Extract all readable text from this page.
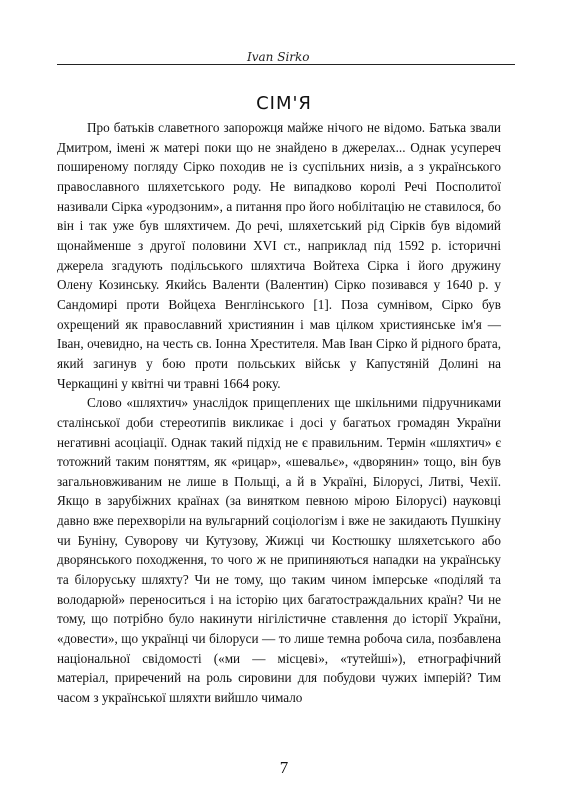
Ivan Sirko
СІМ'Я

Про батьків славетного запорожця майже нічого не відомо. Батька звали Дмитром, імені ж матері поки що не знайдено в джерелах... Однак усупереч поширеному погляду Сірко походив не із суспільних низів, а з українського православного шляхетського роду. Не випадково королі Речі Посполитої називали Сірка «уродзоним», а питання про його нобілітацію не ставилося, бо він і так уже був шляхтичем. До речі, шляхетський рід Сірків був відомий щонайменше з другої половини XVI ст., наприклад під 1592 р. історичні джерела згадують подільського шляхтича Войтеха Сірка і його дружину Олену Козинську. Якийсь Валенти (Валентин) Сірко позивався у 1640 р. у Сандомирі проти Войцеха Венглінського [1]. Поза сумнівом, Сірко був охрещений як православний християнин і мав цілком християнське ім'я — Іван, очевидно, на честь св. Іонна Хрестителя. Мав Іван Сірко й рідного брата, який загинув у бою проти польських військ у Капустяній Долині на Черкащині у квітні чи травні 1664 року.

Слово «шляхтич» унаслідок прищеплених ще шкільними підручниками сталінської доби стереотипів викликає і досі у багатьох громадян України негативні асоціації. Однак такий підхід не є правильним. Термін «шляхтич» є тотожний таким поняттям, як «рицар», «шевальє», «дворянин» тощо, він був загальновживаним не лише в Польщі, а й в Україні, Білорусі, Литві, Чехії. Якщо в зарубіжних країнах (за винятком певною мірою Білорусі) науковці давно вже перехворіли на вульгарний соціологізм і вже не закидають Пушкіну чи Буніну, Суворову чи Кутузову, Жижці чи Костюшку шляхетського або дворянського походження, то чого ж не припиняються нападки на українську та білоруську шляхту? Чи не тому, що таким чином імперське «поділяй та володарюй» переноситься і на історію цих багатостраждальних країн? Чи не тому, що потрібно було накинути нігілістичне ставлення до історії України, «довести», що українці чи білоруси — то лише темна робоча сила, позбавлена національної свідомості («ми — місцеві», «тутейші»), етнографічний матеріал, приречений на роль сировини для побудови чужих імперій? Тим часом з української шляхти вийшло чимало

7
